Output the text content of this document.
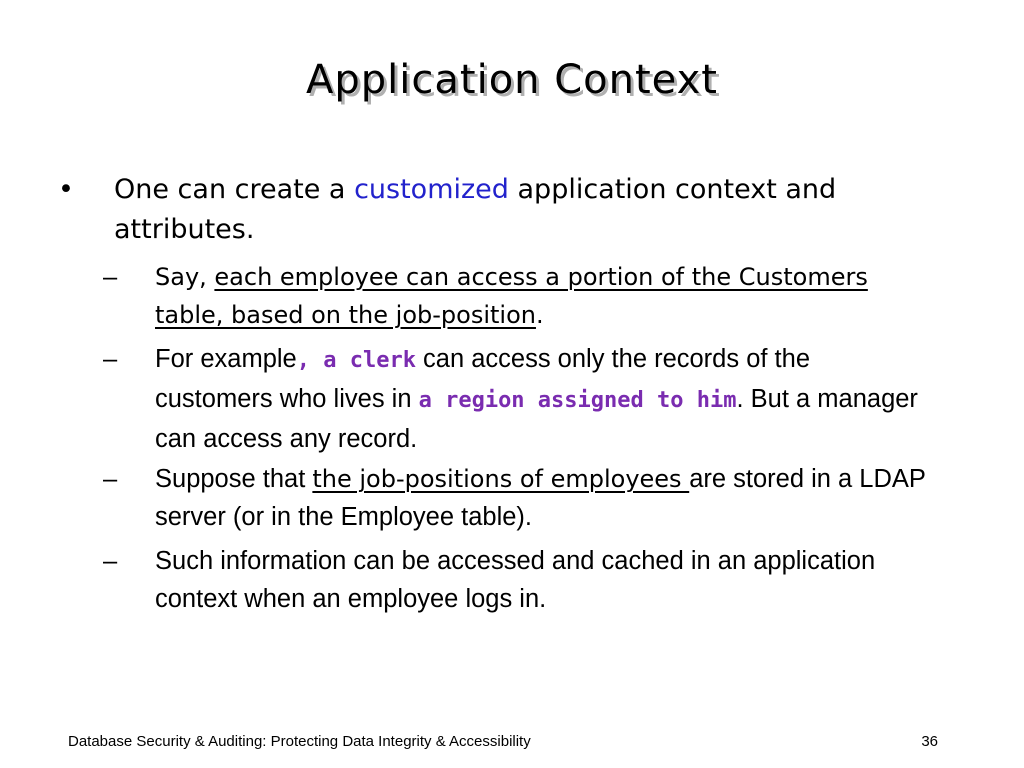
Application Context
•	One can create a customized application context and attributes.
–	Say, each employee can access a portion of the Customers table, based on the job-position.
–	For example, a clerk can access only the records of the customers who lives in a region assigned to him. But a manager can access any record.
–	Suppose that the job-positions of employees are stored in a LDAP server (or in the Employee table).
–	Such information can be accessed and cached in an application context when an employee logs in.
Database Security & Auditing: Protecting Data Integrity & Accessibility	36
